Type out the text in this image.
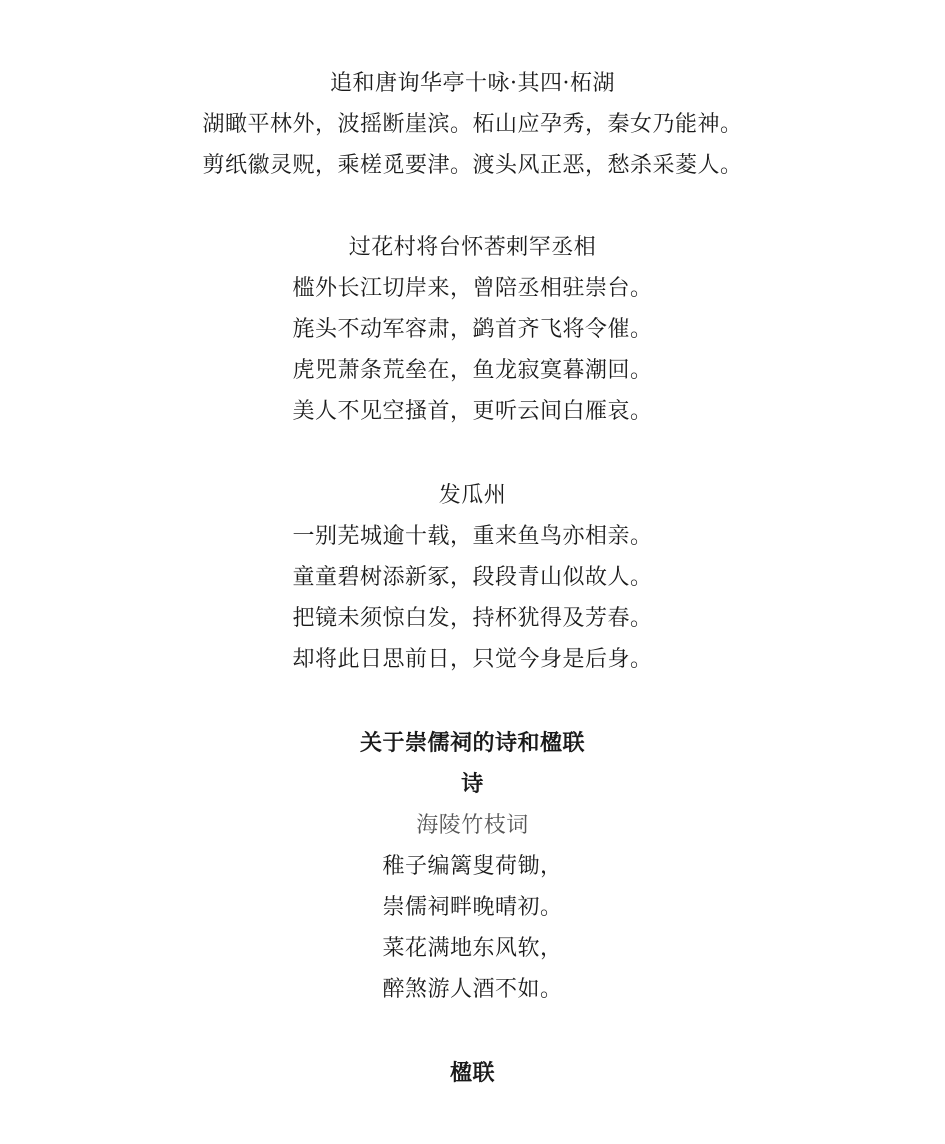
追和唐询华亭十咏·其四·柘湖
湖瞰平林外，波摇断崖滨。柘山应孕秀，秦女乃能神。
剪纸徽灵贶，乘槎觅要津。渡头风正恶，愁杀采菱人。
过花村将台怀莕剌罕丞相
槛外长江切岸来，曾陪丞相驻崇台。
旄头不动军容肃，鹢首齐飞将令催。
虎兕萧条荒垒在，鱼龙寂寞暮潮回。
美人不见空搔首，更听云间白雁哀。
发瓜州
一别芜城逾十载，重来鱼鸟亦相亲。
童童碧树添新冢，段段青山似故人。
把镜未须惊白发，持杯犹得及芳春。
却将此日思前日，只觉今身是后身。
关于崇儒祠的诗和楹联
诗
海陵竹枝词
稚子编篱叟荷锄，
崇儒祠畔晚晴初。
菜花满地东风软，
醉煞游人酒不如。
楹联
